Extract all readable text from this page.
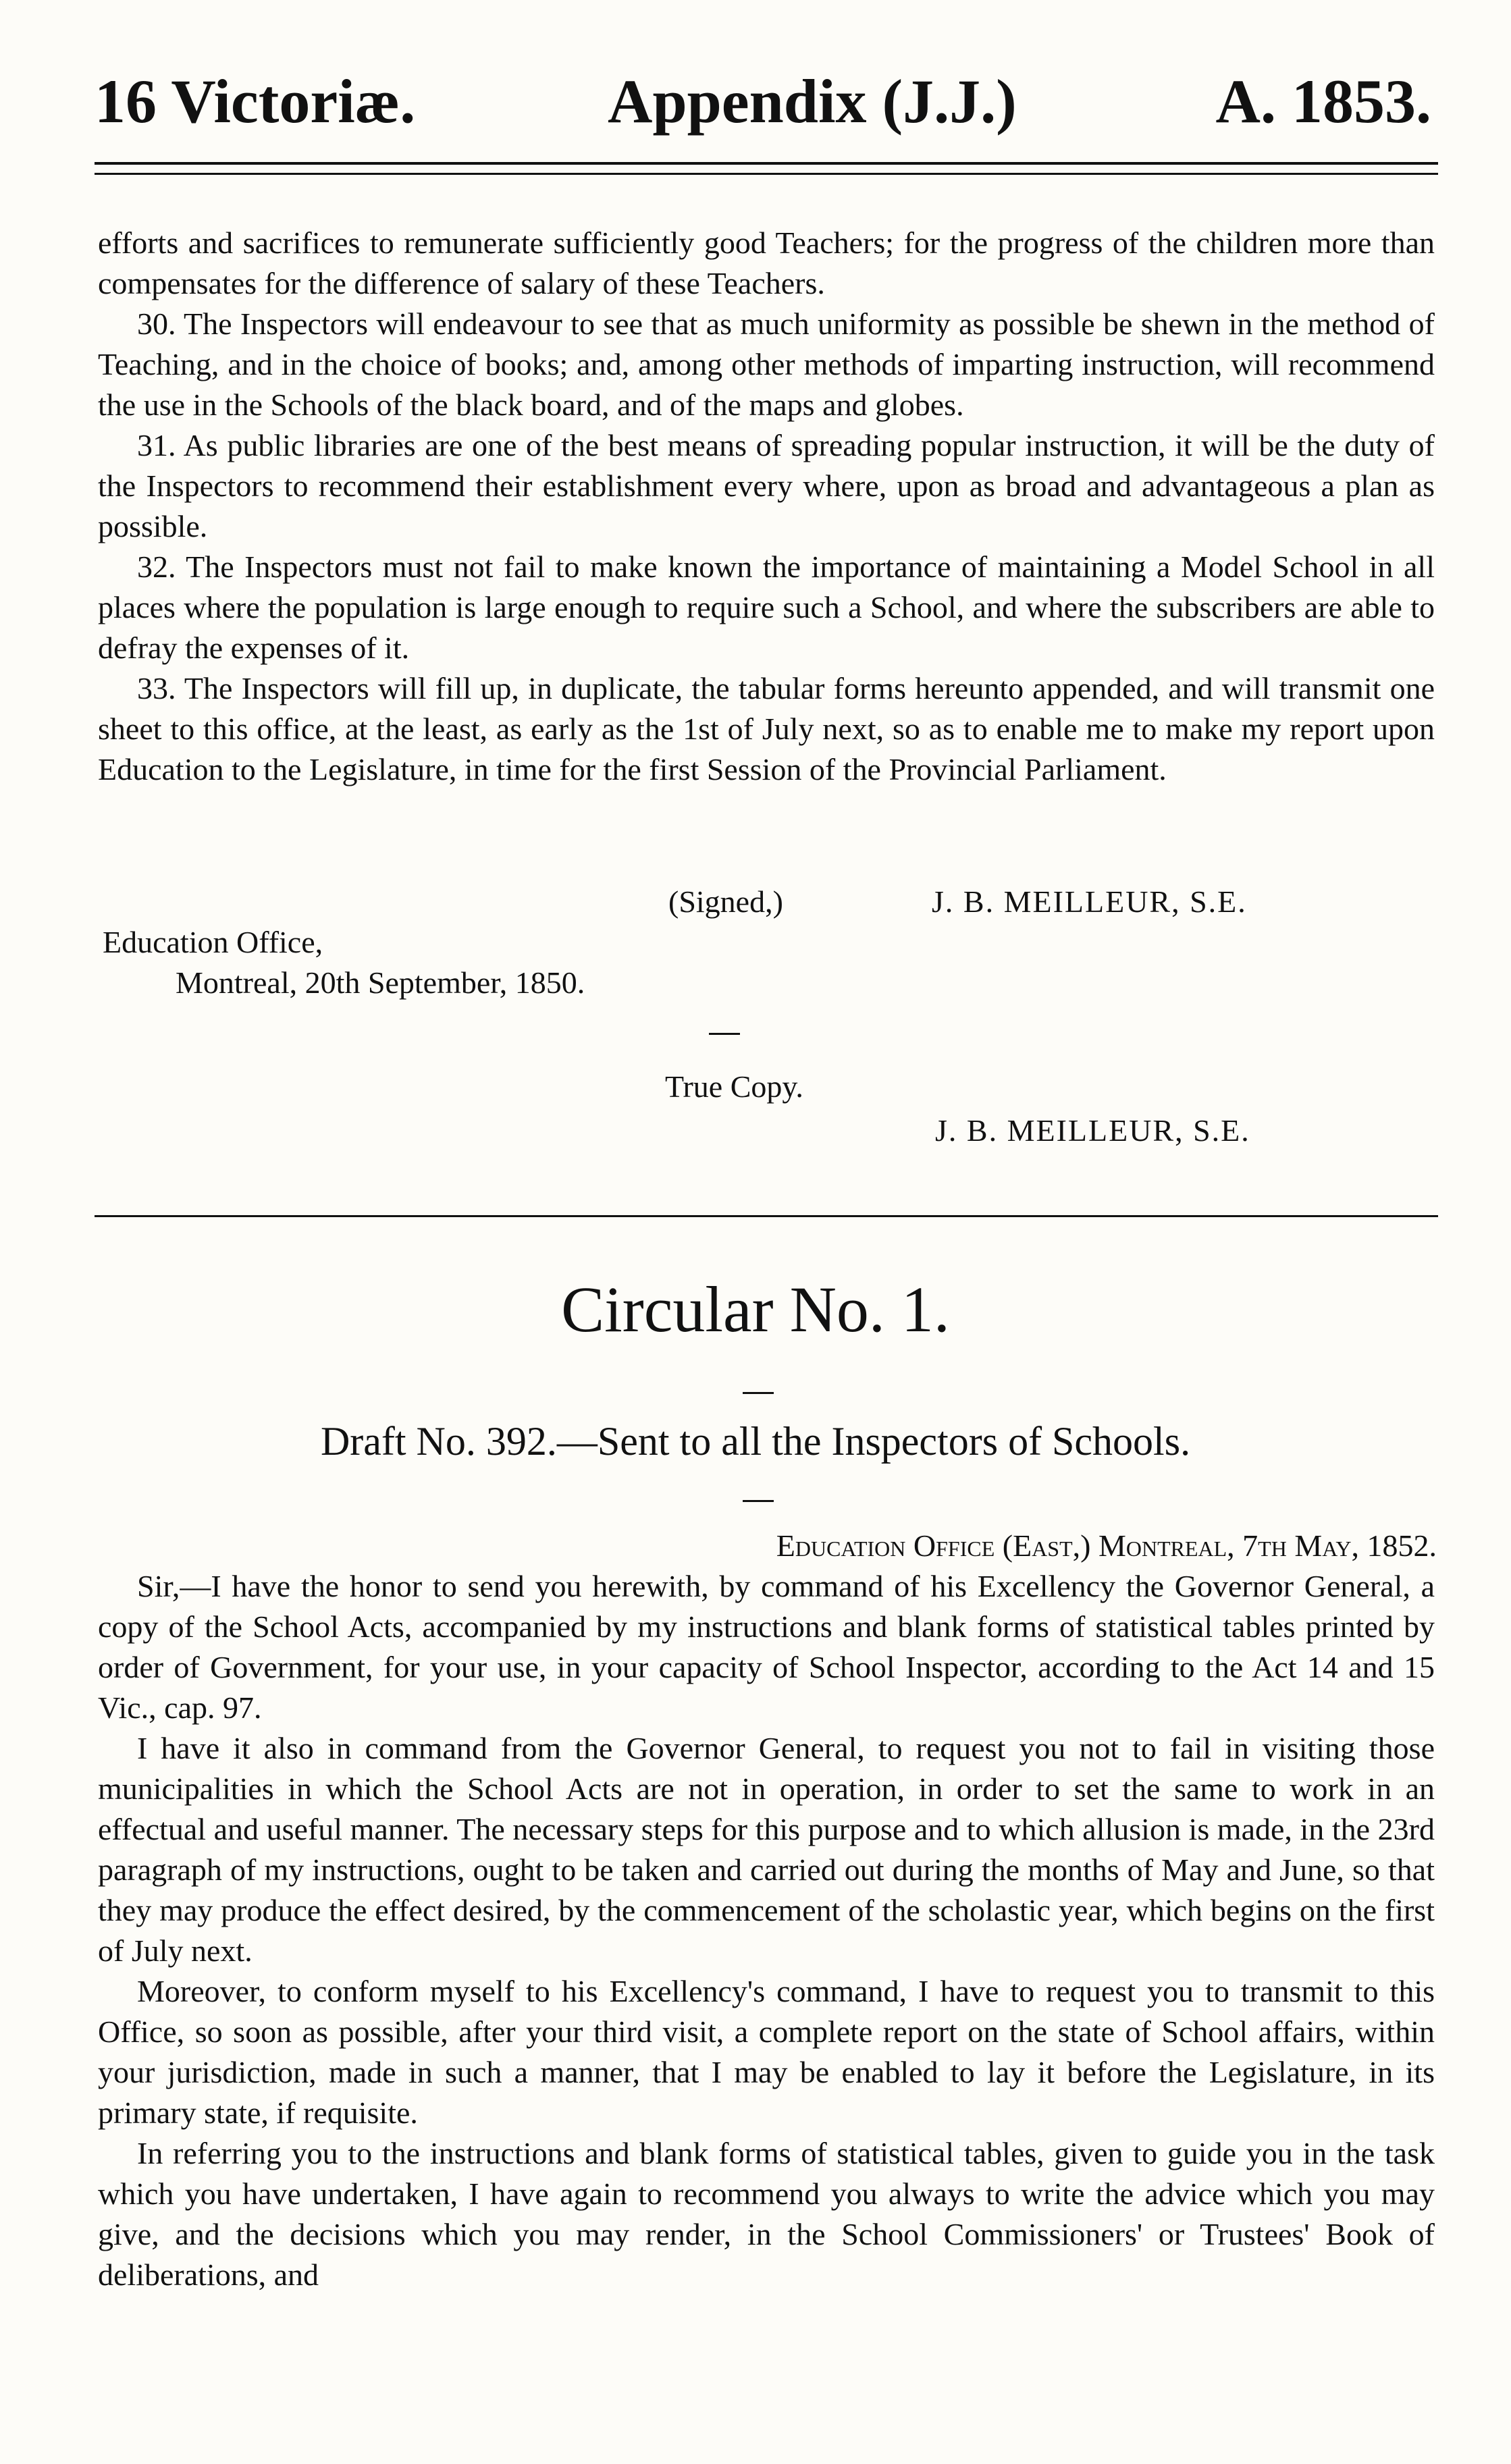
16 Victoriæ.	Appendix (J.J.)	A. 1853.

efforts and sacrifices to remunerate sufficiently good Teachers; for the progress of the children more than compensates for the difference of salary of these Teachers.

30. The Inspectors will endeavour to see that as much uniformity as possible be shewn in the method of Teaching, and in the choice of books; and, among other methods of imparting instruction, will recommend the use in the Schools of the black board, and of the maps and globes.

31. As public libraries are one of the best means of spreading popular instruction, it will be the duty of the Inspectors to recommend their establishment every where, upon as broad and advantageous a plan as possible.

32. The Inspectors must not fail to make known the importance of maintaining a Model School in all places where the population is large enough to require such a School, and where the subscribers are able to defray the expenses of it.

33. The Inspectors will fill up, in duplicate, the tabular forms hereunto appended, and will transmit one sheet to this office, at the least, as early as the 1st of July next, so as to enable me to make my report upon Education to the Legislature, in time for the first Session of the Provincial Parliament.

(Signed,)	J. B. MEILLEUR, S.E.
Education Office,
Montreal, 20th September, 1850.
True Copy.
J. B. MEILLEUR, S.E.
Circular No. 1.
Draft No. 392.—Sent to all the Inspectors of Schools.
Education Office (East,) Montreal, 7th May, 1852.

Sir,—I have the honor to send you herewith, by command of his Excellency the Governor General, a copy of the School Acts, accompanied by my instructions and blank forms of statistical tables printed by order of Government, for your use, in your capacity of School Inspector, according to the Act 14 and 15 Vic., cap. 97.

I have it also in command from the Governor General, to request you not to fail in visiting those municipalities in which the School Acts are not in operation, in order to set the same to work in an effectual and useful manner. The necessary steps for this purpose and to which allusion is made, in the 23rd paragraph of my instructions, ought to be taken and carried out during the months of May and June, so that they may produce the effect desired, by the commencement of the scholastic year, which begins on the first of July next.

Moreover, to conform myself to his Excellency's command, I have to request you to transmit to this Office, so soon as possible, after your third visit, a complete report on the state of School affairs, within your jurisdiction, made in such a manner, that I may be enabled to lay it before the Legislature, in its primary state, if requisite.

In referring you to the instructions and blank forms of statistical tables, given to guide you in the task which you have undertaken, I have again to recommend you always to write the advice which you may give, and the decisions which you may render, in the School Commissioners' or Trustees' Book of deliberations, and
